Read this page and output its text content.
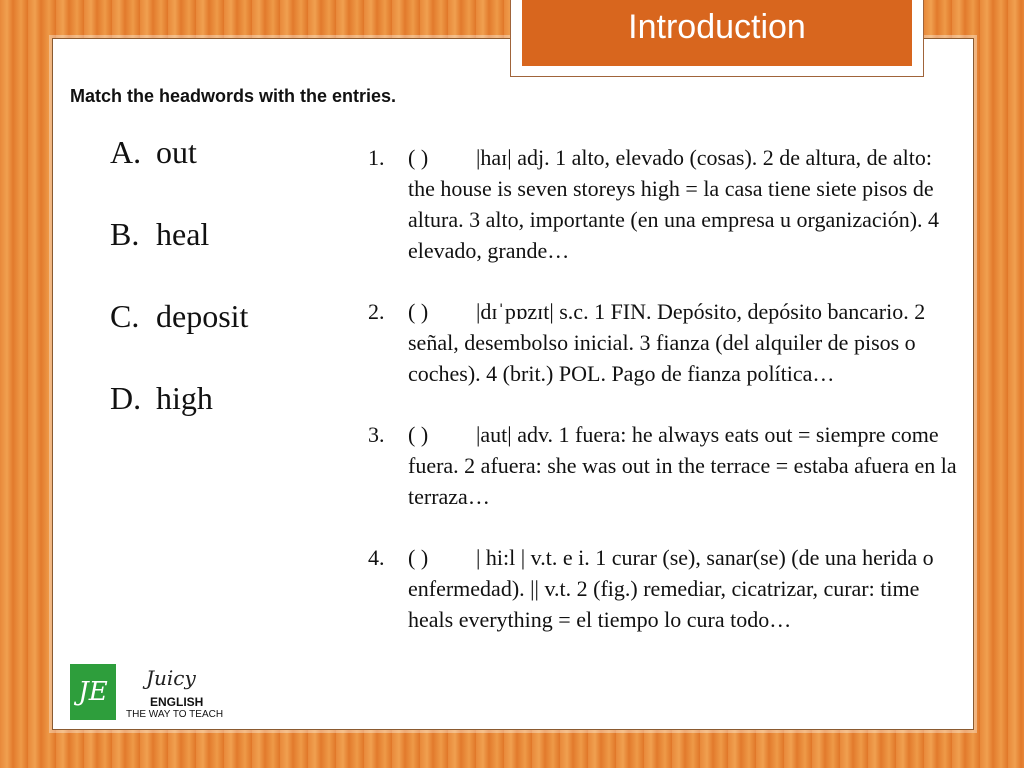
Introduction
Match the headwords with the entries.
A. out
B. heal
C. deposit
D. high
1.	( ) |haɪ| adj. 1 alto, elevado (cosas). 2 de altura, de alto: the house is seven storeys high = la casa tiene siete pisos de altura. 3 alto, importante (en una empresa u organización). 4 elevado, grande…
2.	( ) |dɪˈpɒzɪt| s.c. 1 FIN. Depósito, depósito bancario. 2 señal, desembolso inicial. 3 fianza (del alquiler de pisos o coches). 4 (brit.) POL. Pago de fianza política…
3.	( ) |aut| adv. 1 fuera: he always eats out = siempre come fuera. 2 afuera: she was out in the terrace = estaba afuera en la terraza…
4.	( ) | hi:l | v.t. e i. 1 curar (se), sanar(se) (de una herida o enfermedad). || v.t. 2 (fig.) remediar, cicatrizar, curar: time heals everything = el tiempo lo cura todo…
JE	Juicy
ENGLISH
THE WAY TO TEACH
